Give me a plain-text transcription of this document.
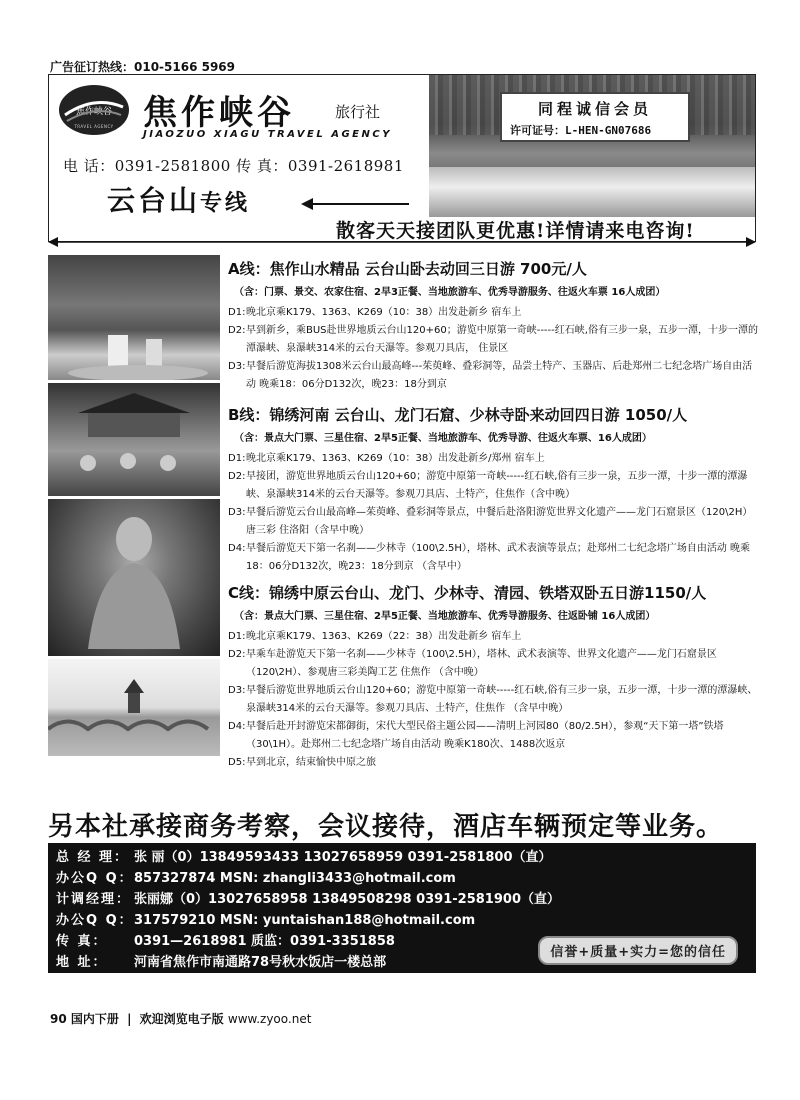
广告征订热线：010-5166 5969
焦作峡谷
TRAVEL AGENCY 焦作峡谷	旅行社
JIAOZUO XIAGU TRAVEL AGENCY
电 话：0391-2581800 传 真：0391-2618981
云台山专线
同程诚信会员
许可证号：L-HEN-GN07686
散客天天接团队更优惠!详情请来电咨询!
A线：焦作山水精品 云台山卧去动回三日游 700元/人
（含：门票、景交、农家住宿、2早3正餐、当地旅游车、优秀导游服务、往返火车票 16人成团）
D1: 晚北京乘K179、1363、K269（10：38）出发赴新乡 宿车上
D2: 早到新乡，乘BUS赴世界地质云台山120+60；游览中原第一奇峡-----红石峡,俗有三步一泉，五步一潭，十步一潭的潭瀑峡、泉瀑峡314米的云台天瀑等。参观刀具店， 住景区
D3: 早餐后游览海拔1308米云台山最高峰---茱萸峰、叠彩洞等，品尝土特产、玉器店、后赴郑州二七纪念塔广场自由活动 晚乘18：06分D132次，晚23：18分到京
B线：锦绣河南 云台山、龙门石窟、少林寺卧来动回四日游 1050/人
（含：景点大门票、三星住宿、2早5正餐、当地旅游车、优秀导游、往返火车票、16人成团）
D1: 晚北京乘K179、1363、K269（10：38）出发赴新乡/郑州 宿车上
D2: 早接团，游览世界地质云台山120+60；游览中原第一奇峡-----红石峡,俗有三步一泉，五步一潭，十步一潭的潭瀑峡、泉瀑峡314米的云台天瀑等。参观刀具店、土特产，住焦作（含中晚）
D3: 早餐后游览云台山最高峰—茱萸峰、叠彩洞等景点，中餐后赴洛阳游览世界文化遗产——龙门石窟景区（120\2H）唐三彩 住洛阳（含早中晚）
D4: 早餐后游览天下第一名刹——少林寺（100\2.5H），塔林、武术表演等景点；赴郑州二七纪念塔广场自由活动 晚乘18：06分D132次，晚23：18分到京 （含早中）
C线：锦绣中原云台山、龙门、少林寺、清园、铁塔双卧五日游1150/人
（含：景点大门票、三星住宿、2早5正餐、当地旅游车、优秀导游服务、往返卧铺 16人成团）
D1: 晚北京乘K179、1363、K269（22：38）出发赴新乡 宿车上
D2: 早乘车赴游览天下第一名刹——少林寺（100\2.5H），塔林、武术表演等、世界文化遗产——龙门石窟景区（120\2H）、参观唐三彩美陶工艺 住焦作 （含中晚）
D3: 早餐后游览世界地质云台山120+60；游览中原第一奇峡-----红石峡,俗有三步一泉，五步一潭，十步一潭的潭瀑峡、泉瀑峡314米的云台天瀑等。参观刀具店、土特产，住焦作 （含早中晚）
D4: 早餐后赴开封游览宋都御街，宋代大型民俗主题公园——清明上河园80（80/2.5H），参观“天下第一塔”铁塔（30\1H）。赴郑州二七纪念塔广场自由活动 晚乘K180次、1488次返京
D5: 早到北京，结束愉快中原之旅
另本社承接商务考察，会议接待，酒店车辆预定等业务。
总 经 理： 张 丽（0）13849593433 13027658959 0391-2581800（直）
办公Q Q： 857327874 MSN: zhangli3433@hotmail.com
计调经理： 张丽娜（0）13027658958 13849508298 0391-2581900（直）
办公Q Q： 317579210 MSN: yuntaishan188@hotmail.com
传 真：	0391—2618981 质监：0391-3351858
地 址：	河南省焦作市南通路78号秋水饭店一楼总部
信誉+质量+实力=您的信任
90 国内下册 | 欢迎浏览电子版 www.zyoo.net
